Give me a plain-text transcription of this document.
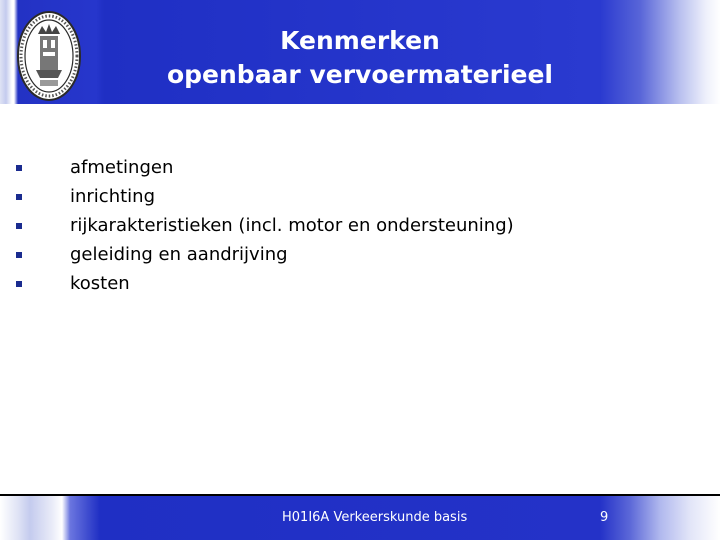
Kenmerken
openbaar vervoermaterieel
afmetingen
inrichting
rijkarakteristieken (incl. motor en ondersteuning)
geleiding en aandrijving
kosten
H01I6A Verkeerskunde basis	9
